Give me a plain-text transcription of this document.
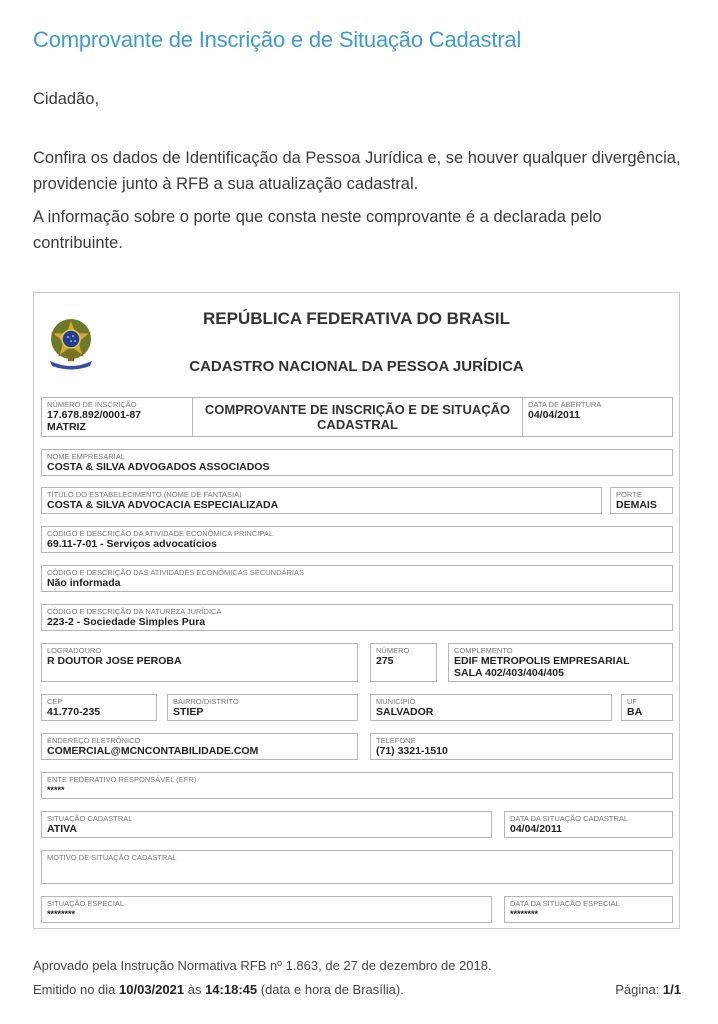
Comprovante de Inscrição e de Situação Cadastral
Cidadão,
Confira os dados de Identificação da Pessoa Jurídica e, se houver qualquer divergência, providencie junto à RFB a sua atualização cadastral.
A informação sobre o porte que consta neste comprovante é a declarada pelo contribuinte.
REPÚBLICA FEDERATIVA DO BRASIL
CADASTRO NACIONAL DA PESSOA JURÍDICA
NÚMERO DE INSCRIÇÃO
17.678.892/0001-87
MATRIZ
COMPROVANTE DE INSCRIÇÃO E DE SITUAÇÃO CADASTRAL
DATA DE ABERTURA
04/04/2011
NOME EMPRESARIAL
COSTA & SILVA ADVOGADOS ASSOCIADOS
TÍTULO DO ESTABELECIMENTO (NOME DE FANTASIA)
COSTA & SILVA ADVOCACIA ESPECIALIZADA
PORTE
DEMAIS
CÓDIGO E DESCRIÇÃO DA ATIVIDADE ECONÔMICA PRINCIPAL
69.11-7-01 - Serviços advocatícios
CÓDIGO E DESCRIÇÃO DAS ATIVIDADES ECONÔMICAS SECUNDÁRIAS
Não informada
CÓDIGO E DESCRIÇÃO DA NATUREZA JURÍDICA
223-2 - Sociedade Simples Pura
LOGRADOURO
R DOUTOR JOSE PEROBA
NÚMERO
275
COMPLEMENTO
EDIF METROPOLIS EMPRESARIAL SALA 402/403/404/405
CEP
41.770-235
BAIRRO/DISTRITO
STIEP
MUNICÍPIO
SALVADOR
UF
BA
ENDEREÇO ELETRÔNICO
COMERCIAL@MCNCONTABILIDADE.COM
TELEFONE
(71) 3321-1510
ENTE FEDERATIVO RESPONSÁVEL (EFR)
*****
SITUAÇÃO CADASTRAL
ATIVA
DATA DA SITUAÇÃO CADASTRAL
04/04/2011
MOTIVO DE SITUAÇÃO CADASTRAL
SITUAÇÃO ESPECIAL
********
DATA DA SITUAÇÃO ESPECIAL
********
Aprovado pela Instrução Normativa RFB nº 1.863, de 27 de dezembro de 2018.
Emitido no dia 10/03/2021 às 14:18:45 (data e hora de Brasília).	Página: 1/1
